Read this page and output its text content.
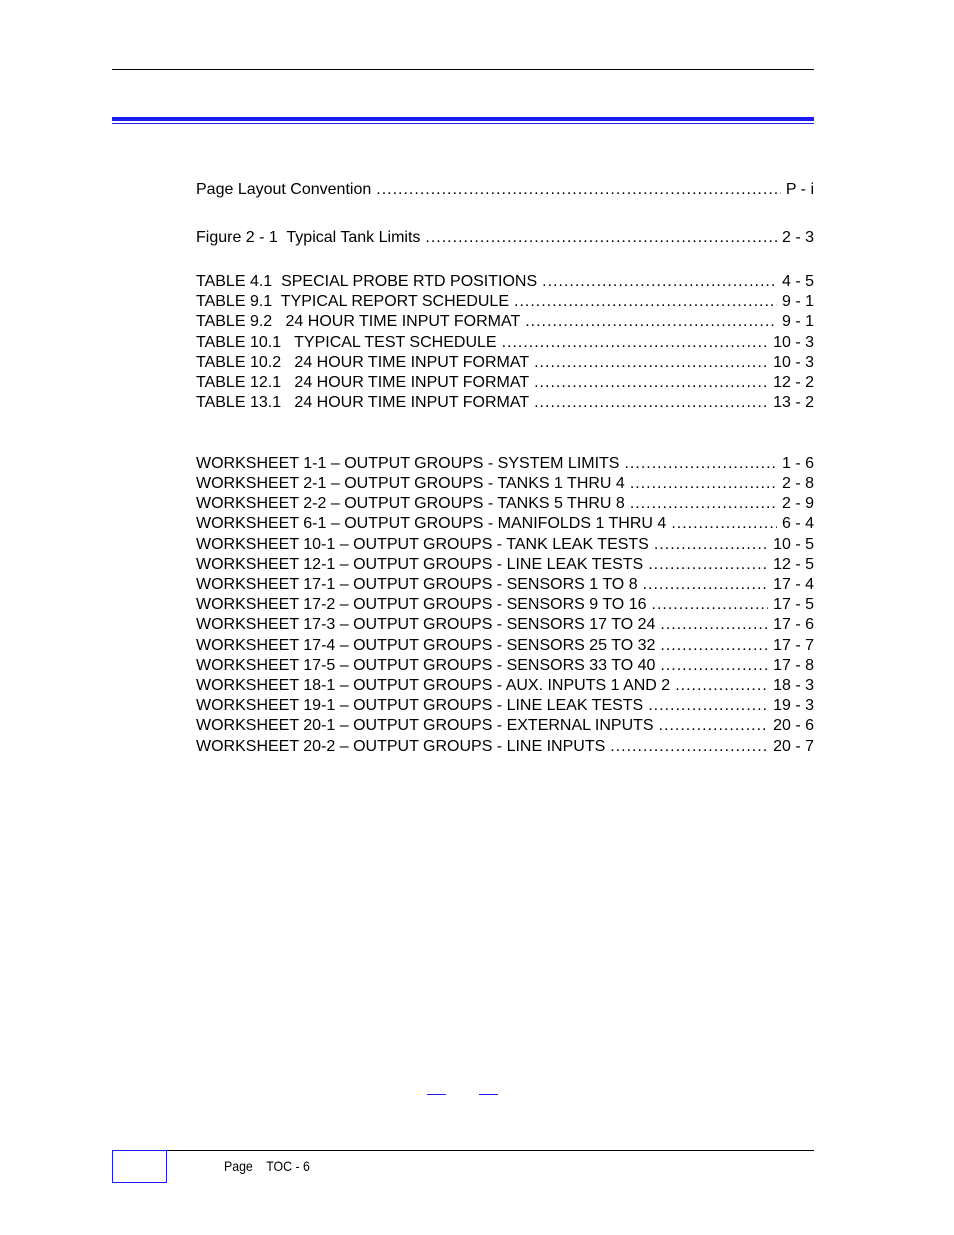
Page Layout Convention .....	P - i
Figure 2 - 1  Typical Tank Limits .....	2 - 3
TABLE 4.1  SPECIAL PROBE RTD POSITIONS .....	4 - 5
TABLE 9.1  TYPICAL REPORT SCHEDULE .....	9 - 1
TABLE 9.2   24 HOUR TIME INPUT FORMAT .....	9 - 1
TABLE 10.1   TYPICAL TEST SCHEDULE .....	10 - 3
TABLE 10.2   24 HOUR TIME INPUT FORMAT .....	10 - 3
TABLE 12.1   24 HOUR TIME INPUT FORMAT .....	12 - 2
TABLE 13.1   24 HOUR TIME INPUT FORMAT .....	13 - 2
WORKSHEET 1-1 – OUTPUT GROUPS - SYSTEM LIMITS .....	1 - 6
WORKSHEET 2-1 – OUTPUT GROUPS - TANKS 1 THRU 4 .....	2 - 8
WORKSHEET 2-2 – OUTPUT GROUPS - TANKS 5 THRU 8 .....	2 - 9
WORKSHEET 6-1 – OUTPUT GROUPS - MANIFOLDS 1 THRU 4 .....	6 - 4
WORKSHEET 10-1 – OUTPUT GROUPS - TANK LEAK TESTS .....	10 - 5
WORKSHEET 12-1 – OUTPUT GROUPS - LINE LEAK TESTS .....	12 - 5
WORKSHEET 17-1 – OUTPUT GROUPS - SENSORS 1 TO 8 .....	17 - 4
WORKSHEET 17-2 – OUTPUT GROUPS - SENSORS 9 TO 16 .....	17 - 5
WORKSHEET 17-3 – OUTPUT GROUPS - SENSORS 17 TO 24 .....	17 - 6
WORKSHEET 17-4 – OUTPUT GROUPS - SENSORS 25 TO 32 .....	17 - 7
WORKSHEET 17-5 – OUTPUT GROUPS - SENSORS 33 TO 40 .....	17 - 8
WORKSHEET 18-1 – OUTPUT GROUPS - AUX. INPUTS 1 AND 2 .....	18 - 3
WORKSHEET 19-1 – OUTPUT GROUPS - LINE LEAK TESTS .....	19 - 3
WORKSHEET 20-1 – OUTPUT GROUPS - EXTERNAL INPUTS .....	20 - 6
WORKSHEET 20-2 – OUTPUT GROUPS - LINE INPUTS .....	20 - 7
Page TOC - 6
